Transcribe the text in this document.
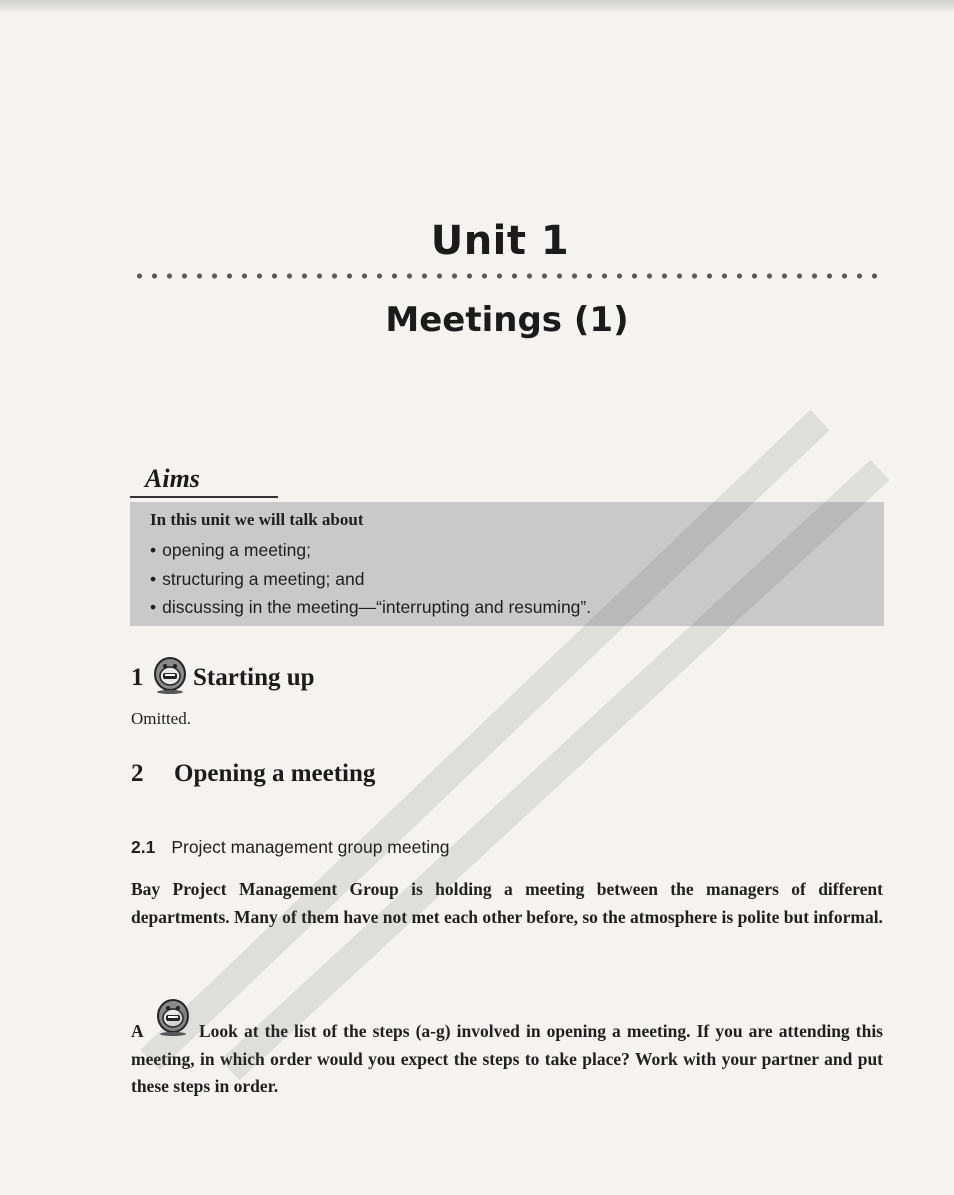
Unit 1
Meetings (1)
Aims
In this unit we will talk about
• opening a meeting;
• structuring a meeting; and
• discussing in the meeting—“interrupting and resuming”.
1 Starting up
Omitted.
2 Opening a meeting
2.1 Project management group meeting
Bay Project Management Group is holding a meeting between the managers of different departments. Many of them have not met each other before, so the atmosphere is polite but informal.
A	Look at the list of the steps (a-g) involved in opening a meeting. If you are attending this meeting, in which order would you expect the steps to take place? Work with your partner and put these steps in order.
